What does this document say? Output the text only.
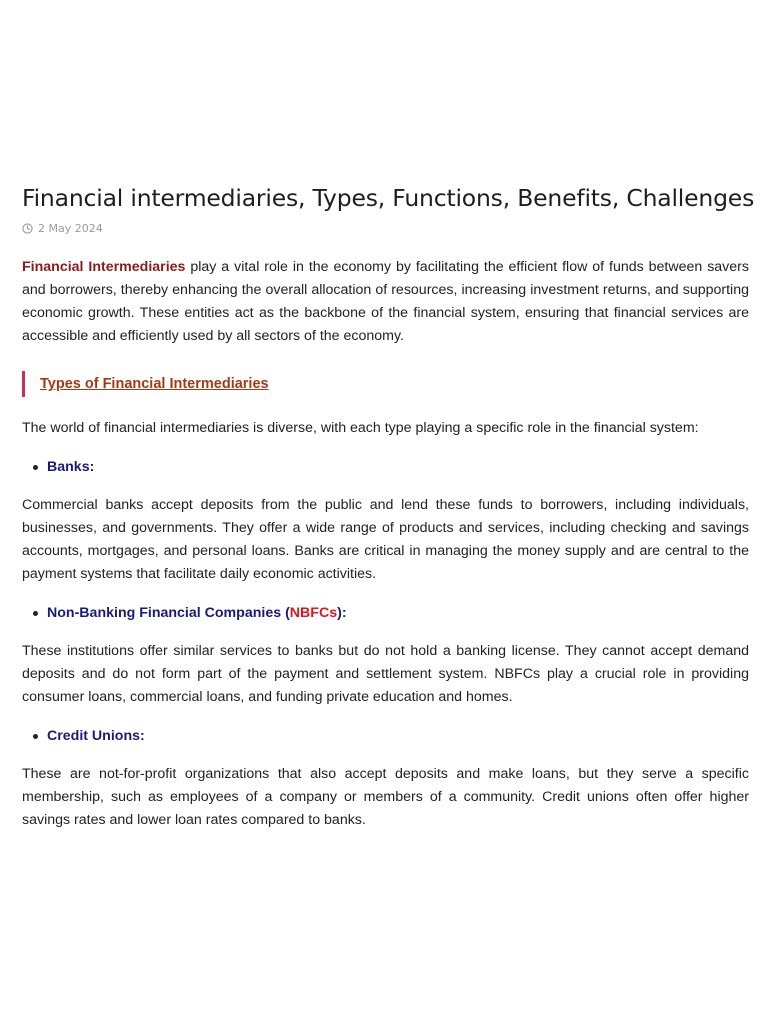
Financial intermediaries, Types, Functions, Benefits, Challenges
2 May 2024

Financial Intermediaries play a vital role in the economy by facilitating the efficient flow of funds between savers and borrowers, thereby enhancing the overall allocation of resources, increasing investment returns, and supporting economic growth. These entities act as the backbone of the financial system, ensuring that financial services are accessible and efficiently used by all sectors of the economy.

Types of Financial Intermediaries

The world of financial intermediaries is diverse, with each type playing a specific role in the financial system:

Banks:

Commercial banks accept deposits from the public and lend these funds to borrowers, including individuals, businesses, and governments. They offer a wide range of products and services, including checking and savings accounts, mortgages, and personal loans. Banks are critical in managing the money supply and are central to the payment systems that facilitate daily economic activities.

Non-Banking Financial Companies (NBFCs):

These institutions offer similar services to banks but do not hold a banking license. They cannot accept demand deposits and do not form part of the payment and settlement system. NBFCs play a crucial role in providing consumer loans, commercial loans, and funding private education and homes.

Credit Unions:

These are not-for-profit organizations that also accept deposits and make loans, but they serve a specific membership, such as employees of a company or members of a community. Credit unions often offer higher savings rates and lower loan rates compared to banks.
